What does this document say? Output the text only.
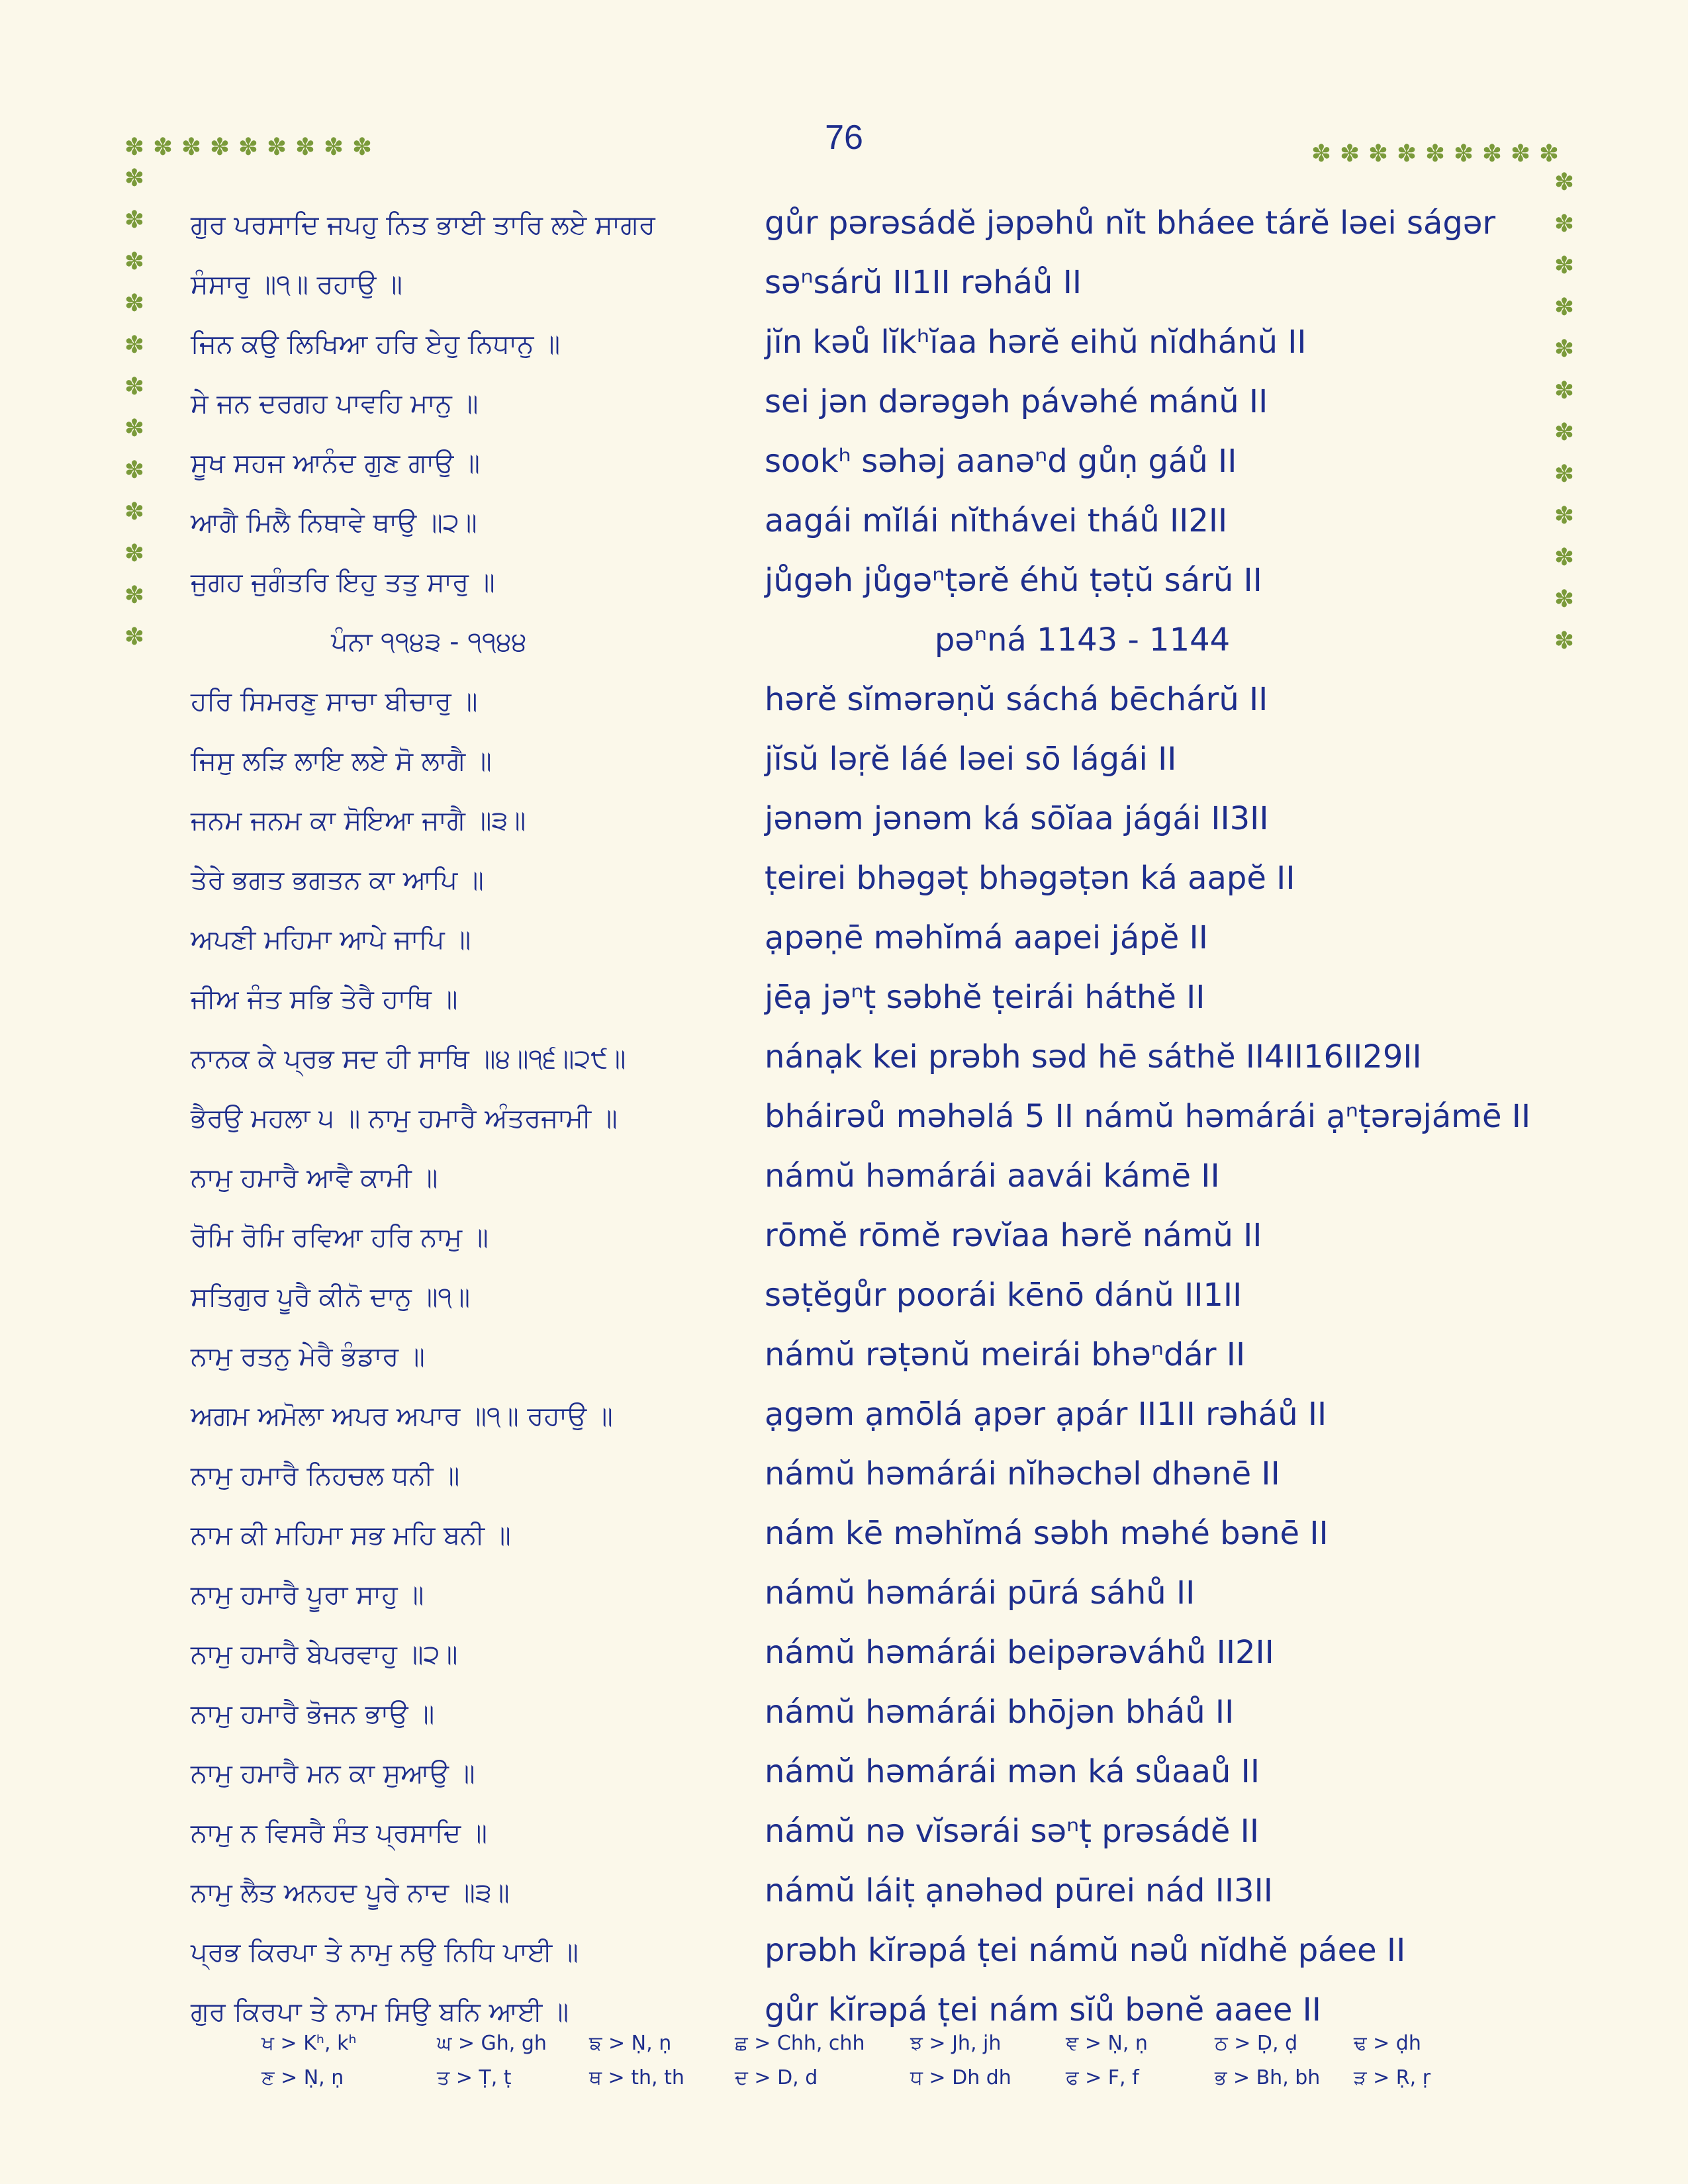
76
✽ ✽ ✽ ✽ ✽ ✽ ✽ ✽ ✽
✽
✽
✽
✽
✽
✽
✽
✽
✽
✽
✽
✽
✽ ✽ ✽ ✽ ✽ ✽ ✽ ✽ ✽
✽
✽
✽
✽
✽
✽
✽
✽
✽
✽
✽
✽
ਗੁਰ ਪਰਸਾਦਿ ਜਪਹੁ ਨਿਤ ਭਾਈ ਤਾਰਿ ਲਏ ਸਾਗਰ	gůr pərəsádĕ jəpəhů nĭt bháee tárĕ ləei ságər
ਸੰਸਾਰੁ ॥੧॥ ਰਹਾਉ ॥	səⁿsárŭ II1II rəháů II
ਜਿਨ ਕਉ ਲਿਖਿਆ ਹਰਿ ਏਹੁ ਨਿਧਾਨੁ ॥	jĭn kəů lĭkʰĭaa hərĕ eihŭ nĭdhánŭ II
ਸੇ ਜਨ ਦਰਗਹ ਪਾਵਹਿ ਮਾਨੁ ॥	sei jən dərəgəh pávəhé mánŭ II
ਸੂਖ ਸਹਜ ਆਨੰਦ ਗੁਣ ਗਾਉ ॥	sookʰ səhəj aanəⁿd gůṇ gáů II
ਆਗੈ ਮਿਲੈ ਨਿਥਾਵੇ ਥਾਉ ॥੨॥	aagái mĭlái nĭthávei tháů II2II
ਜੁਗਹ ਜੁਗੰਤਰਿ ਇਹੁ ਤਤੁ ਸਾਰੁ ॥	jůgəh jůgəⁿṭərĕ éhŭ ṭəṭŭ sárŭ II
ਪੰਨਾ ੧੧੪੩ - ੧੧੪੪	pəⁿná 1143 - 1144
ਹਰਿ ਸਿਮਰਣੁ ਸਾਚਾ ਬੀਚਾਰੁ ॥	hərĕ sĭmərəṇŭ sáchá bēchárŭ II
ਜਿਸੁ ਲੜਿ ਲਾਇ ਲਏ ਸੋ ਲਾਗੈ ॥	jĭsŭ ləṛĕ láé ləei sō lágái II
ਜਨਮ ਜਨਮ ਕਾ ਸੋਇਆ ਜਾਗੈ ॥੩॥	jənəm jənəm ká sōĭaa jágái II3II
ਤੇਰੇ ਭਗਤ ਭਗਤਨ ਕਾ ਆਪਿ ॥	ṭeirei bhəgəṭ bhəgəṭən ká aapĕ II
ਅਪਣੀ ਮਹਿਮਾ ਆਪੇ ਜਾਪਿ ॥	ạpəṇē məhĭmá aapei jápĕ II
ਜੀਅ ਜੰਤ ਸਭਿ ਤੇਰੈ ਹਾਥਿ ॥	jēạ jəⁿṭ səbhĕ ṭeirái háthĕ II
ਨਾਨਕ ਕੇ ਪ੍ਰਭ ਸਦ ਹੀ ਸਾਥਿ ॥੪॥੧੬॥੨੯॥	nánạk kei prəbh səd hē sáthĕ II4II16II29II
ਭੈਰਉ ਮਹਲਾ ੫ ॥ ਨਾਮੁ ਹਮਾਰੈ ਅੰਤਰਜਾਮੀ ॥	bháirəů məhəlá 5 II námŭ həmárái ạⁿṭərəjámē II
ਨਾਮੁ ਹਮਾਰੈ ਆਵੈ ਕਾਮੀ ॥	námŭ həmárái aavái kámē II
ਰੋਮਿ ਰੋਮਿ ਰਵਿਆ ਹਰਿ ਨਾਮੁ ॥	rōmĕ rōmĕ rəvĭaa hərĕ námŭ II
ਸਤਿਗੁਰ ਪੂਰੈ ਕੀਨੋ ਦਾਨੁ ॥੧॥	səṭĕgůr poorái kēnō dánŭ II1II
ਨਾਮੁ ਰਤਨੁ ਮੇਰੈ ਭੰਡਾਰ ॥	námŭ rəṭənŭ meirái bhəⁿdár II
ਅਗਮ ਅਮੋਲਾ ਅਪਰ ਅਪਾਰ ॥੧॥ ਰਹਾਉ ॥	ạgəm ạmōlá ạpər ạpár II1II rəháů II
ਨਾਮੁ ਹਮਾਰੈ ਨਿਹਚਲ ਧਨੀ ॥	námŭ həmárái nĭhəchəl dhənē II
ਨਾਮ ਕੀ ਮਹਿਮਾ ਸਭ ਮਹਿ ਬਨੀ ॥	nám kē məhĭmá səbh məhé bənē II
ਨਾਮੁ ਹਮਾਰੈ ਪੂਰਾ ਸਾਹੁ ॥	námŭ həmárái pūrá sáhů II
ਨਾਮੁ ਹਮਾਰੈ ਬੇਪਰਵਾਹੁ ॥੨॥	námŭ həmárái beipərəváhů II2II
ਨਾਮੁ ਹਮਾਰੈ ਭੋਜਨ ਭਾਉ ॥	námŭ həmárái bhōjən bháů II
ਨਾਮੁ ਹਮਾਰੈ ਮਨ ਕਾ ਸੁਆਉ ॥	námŭ həmárái mən ká sůaaů II
ਨਾਮੁ ਨ ਵਿਸਰੈ ਸੰਤ ਪ੍ਰਸਾਦਿ ॥	námŭ nə vĭsərái səⁿṭ prəsádĕ II
ਨਾਮੁ ਲੈਤ ਅਨਹਦ ਪੂਰੇ ਨਾਦ ॥੩॥	námŭ láiṭ ạnəhəd pūrei nád II3II
ਪ੍ਰਭ ਕਿਰਪਾ ਤੇ ਨਾਮੁ ਨਉ ਨਿਧਿ ਪਾਈ ॥	prəbh kĭrəpá ṭei námŭ nəů nĭdhĕ páee II
ਗੁਰ ਕਿਰਪਾ ਤੇ ਨਾਮ ਸਿਉ ਬਨਿ ਆਈ ॥	gůr kĭrəpá ṭei nám sĭů bənĕ aaee II
ਖ > Kʰ, kʰ	ਘ > Gh, gh ਙ > Ṇ, ṇ	ਛ > Chh, chh ਝ > Jh, jh	ਞ > Ṇ, ṇ	ਠ > Ḍ, ḍ	ਢ > ḍh
ਣ > Ṇ, ṇ	ਤ > Ṭ, ṭ	ਥ > th, th	ਦ > D, d	ਧ > Dh dh	ਫ > F, f	ਭ > Bh, bh ੜ > Ṛ, ṛ
